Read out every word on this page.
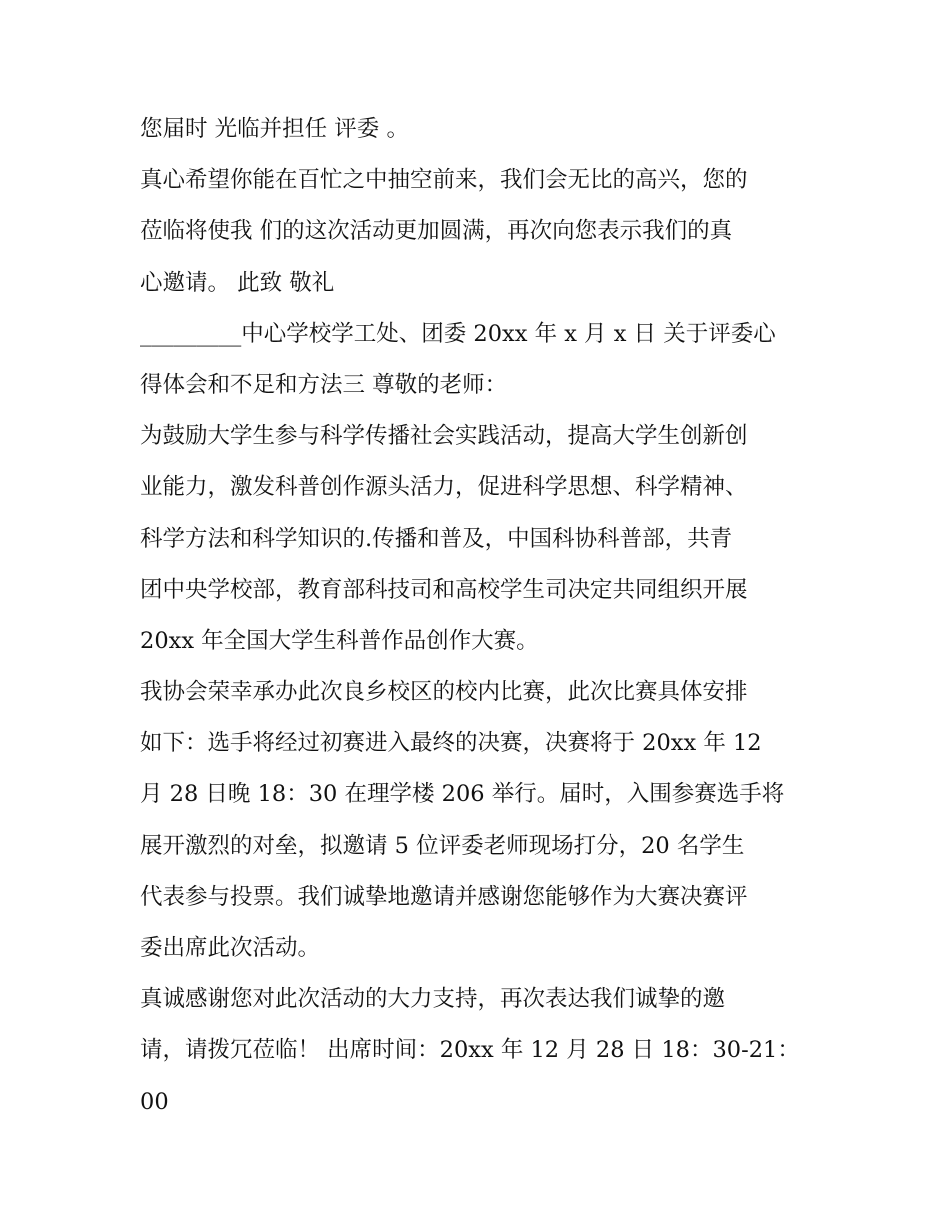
您届时 光临并担任 评委 。
真心希望你能在百忙之中抽空前来，我们会无比的高兴，您的
莅临将使我 们的这次活动更加圆满，再次向您表示我们的真
心邀请。 此致 敬礼
_________中心学校学工处、团委 20xx 年 x 月 x 日 关于评委心
得体会和不足和方法三 尊敬的老师：
为鼓励大学生参与科学传播社会实践活动，提高大学生创新创
业能力，激发科普创作源头活力，促进科学思想、科学精神、
科学方法和科学知识的.传播和普及，中国科协科普部，共青
团中央学校部，教育部科技司和高校学生司决定共同组织开展
20xx 年全国大学生科普作品创作大赛。
我协会荣幸承办此次良乡校区的校内比赛，此次比赛具体安排
如下：选手将经过初赛进入最终的决赛，决赛将于 20xx 年 12
月 28 日晚 18：30 在理学楼 206 举行。届时，入围参赛选手将
展开激烈的对垒，拟邀请 5 位评委老师现场打分，20 名学生
代表参与投票。我们诚挚地邀请并感谢您能够作为大赛决赛评
委出席此次活动。
真诚感谢您对此次活动的大力支持，再次表达我们诚挚的邀
请，请拨冗莅临！ 出席时间：20xx 年 12 月 28 日 18：30-21：
00
